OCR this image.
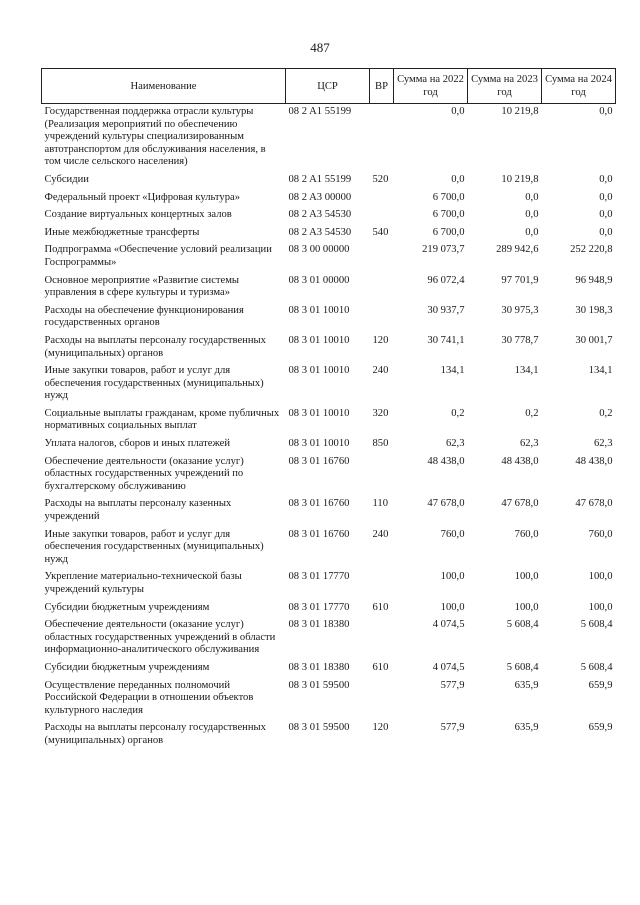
487
Наименование	ЦСР	ВР	Сумма на 2022 год	Сумма на 2023 год	Сумма на 2024 год
Государственная поддержка отрасли культуры (Реализация мероприятий по обеспечению учреждений культуры специализированным автотранспортом для обслуживания населения, в том числе сельского населения)	08 2 A1 55199		0,0	10 219,8	0,0
Субсидии	08 2 A1 55199	520	0,0	10 219,8	0,0
Федеральный проект «Цифровая культура»	08 2 A3 00000		6 700,0	0,0	0,0
Создание виртуальных концертных залов	08 2 A3 54530		6 700,0	0,0	0,0
Иные межбюджетные трансферты	08 2 A3 54530	540	6 700,0	0,0	0,0
Подпрограмма «Обеспечение условий реализации Госпрограммы»	08 3 00 00000		219 073,7	289 942,6	252 220,8
Основное мероприятие «Развитие системы управления в сфере культуры и туризма»	08 3 01 00000		96 072,4	97 701,9	96 948,9
Расходы на обеспечение функционирования государственных органов	08 3 01 10010		30 937,7	30 975,3	30 198,3
Расходы на выплаты персоналу государственных (муниципальных) органов	08 3 01 10010	120	30 741,1	30 778,7	30 001,7
Иные закупки товаров, работ и услуг для обеспечения государственных (муниципальных) нужд	08 3 01 10010	240	134,1	134,1	134,1
Социальные выплаты гражданам, кроме публичных нормативных социальных выплат	08 3 01 10010	320	0,2	0,2	0,2
Уплата налогов, сборов и иных платежей	08 3 01 10010	850	62,3	62,3	62,3
Обеспечение деятельности (оказание услуг) областных государственных учреждений по бухгалтерскому обслуживанию	08 3 01 16760		48 438,0	48 438,0	48 438,0
Расходы на выплаты персоналу казенных учреждений	08 3 01 16760	110	47 678,0	47 678,0	47 678,0
Иные закупки товаров, работ и услуг для обеспечения государственных (муниципальных) нужд	08 3 01 16760	240	760,0	760,0	760,0
Укрепление материально-технической базы учреждений культуры	08 3 01 17770		100,0	100,0	100,0
Субсидии бюджетным учреждениям	08 3 01 17770	610	100,0	100,0	100,0
Обеспечение деятельности (оказание услуг) областных государственных учреждений в области информационно-аналитического обслуживания	08 3 01 18380		4 074,5	5 608,4	5 608,4
Субсидии бюджетным учреждениям	08 3 01 18380	610	4 074,5	5 608,4	5 608,4
Осуществление переданных полномочий Российской Федерации в отношении объектов культурного наследия	08 3 01 59500		577,9	635,9	659,9
Расходы на выплаты персоналу государственных (муниципальных) органов	08 3 01 59500	120	577,9	635,9	659,9
